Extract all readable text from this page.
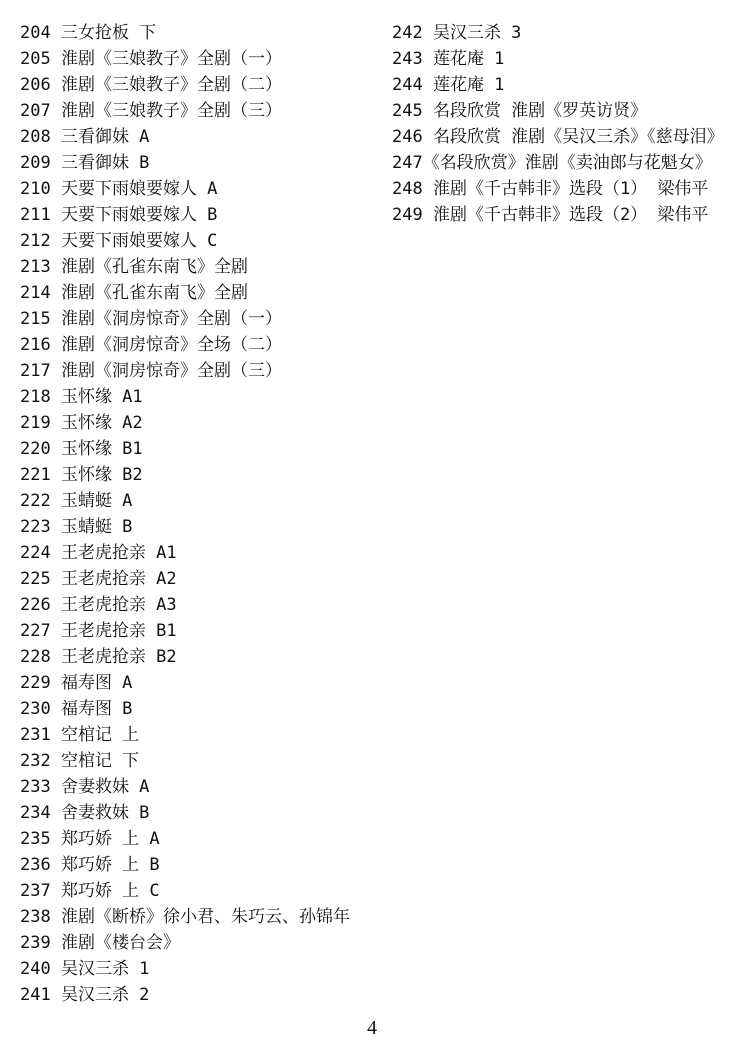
204 三女抢板 下
205 淮剧《三娘教子》全剧（一）
206 淮剧《三娘教子》全剧（二）
207 淮剧《三娘教子》全剧（三）
208 三看御妹 A
209 三看御妹 B
210 天要下雨娘要嫁人 A
211 天要下雨娘要嫁人 B
212 天要下雨娘要嫁人 C
213 淮剧《孔雀东南飞》全剧
214 淮剧《孔雀东南飞》全剧
215 淮剧《洞房惊奇》全剧（一）
216 淮剧《洞房惊奇》全场（二）
217 淮剧《洞房惊奇》全剧（三）
218 玉怀缘 A1
219 玉怀缘 A2
220 玉怀缘 B1
221 玉怀缘 B2
222 玉蜻蜓 A
223 玉蜻蜓 B
224 王老虎抢亲 A1
225 王老虎抢亲 A2
226 王老虎抢亲 A3
227 王老虎抢亲 B1
228 王老虎抢亲 B2
229 福寿图 A
230 福寿图 B
231 空棺记 上
232 空棺记 下
233 舍妻救妹 A
234 舍妻救妹 B
235 郑巧娇 上 A
236 郑巧娇 上 B
237 郑巧娇 上 C
238 淮剧《断桥》徐小君、朱巧云、孙锦年
239 淮剧《楼台会》
240 吴汉三杀 1
241 吴汉三杀 2
242 吴汉三杀 3
243 莲花庵 1
244 莲花庵 1
245 名段欣赏 淮剧《罗英访贤》
246 名段欣赏 淮剧《吴汉三杀》《慈母泪》
247《名段欣赏》淮剧《卖油郎与花魁女》
248 淮剧《千古韩非》选段（1） 梁伟平
249 淮剧《千古韩非》选段（2） 梁伟平
4
